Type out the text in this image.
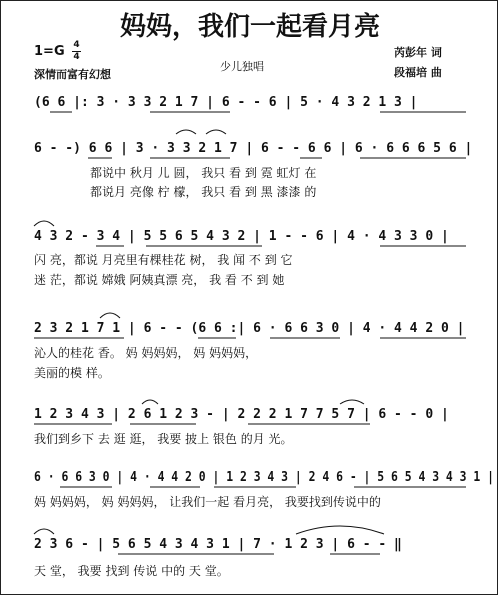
妈妈，我们一起看月亮
1=G 4
4
深情而富有幻想
少儿独唱
芮彭年 词
段福培 曲
(6 6 |: 3 · 3 3 2 1 7 | 6 - - 6 | 5 · 4 3 2 1 3 |
6 - -) 6 6 | 3 · 3 3 2 1 7 | 6 - - 6 6 | 6 · 6 6 6 5 6 |
都说中 秋月 儿 圆， 我只 看 到 霓 虹灯 在
都说月 亮像 柠 檬， 我只 看 到 黑 漆漆 的
4 3 2 - 3 4 | 5 5 6 5 4 3 2 | 1 - - 6 | 4 · 4 3 3 0 |
闪 亮，都说 月亮里有棵桂花 树， 我 闻 不 到 它
迷 茫，都说 嫦娥 阿姨真漂 亮， 我 看 不 到 她
2 3 2 1 7 1 | 6 - - (6 6 :| 6 · 6 6 3 0 | 4 · 4 4 2 0 |
沁人的桂花 香。 妈 妈妈妈， 妈 妈妈妈，
美丽的模 样。
1 2 3 4 3 | 2 6 1 2 3 - | 2 2 2 1 7 7 5 7 | 6 - - 0 |
我们到乡下 去 逛 逛， 我要 披上 银色 的月 光。
6 · 6 6 3 0 | 4 · 4 4 2 0 | 1 2 3 4 3 | 2 4 6 - | 5 6 5 4 3 4 3 1 |
妈 妈妈妈， 妈 妈妈妈， 让我们一起 看月亮， 我要找到传说中的
2 3 6 - | 5 6 5 4 3 4 3 1 | 7 · 1 2 3 | 6 - - ‖
天 堂， 我要 找到 传说 中的 天 堂。
